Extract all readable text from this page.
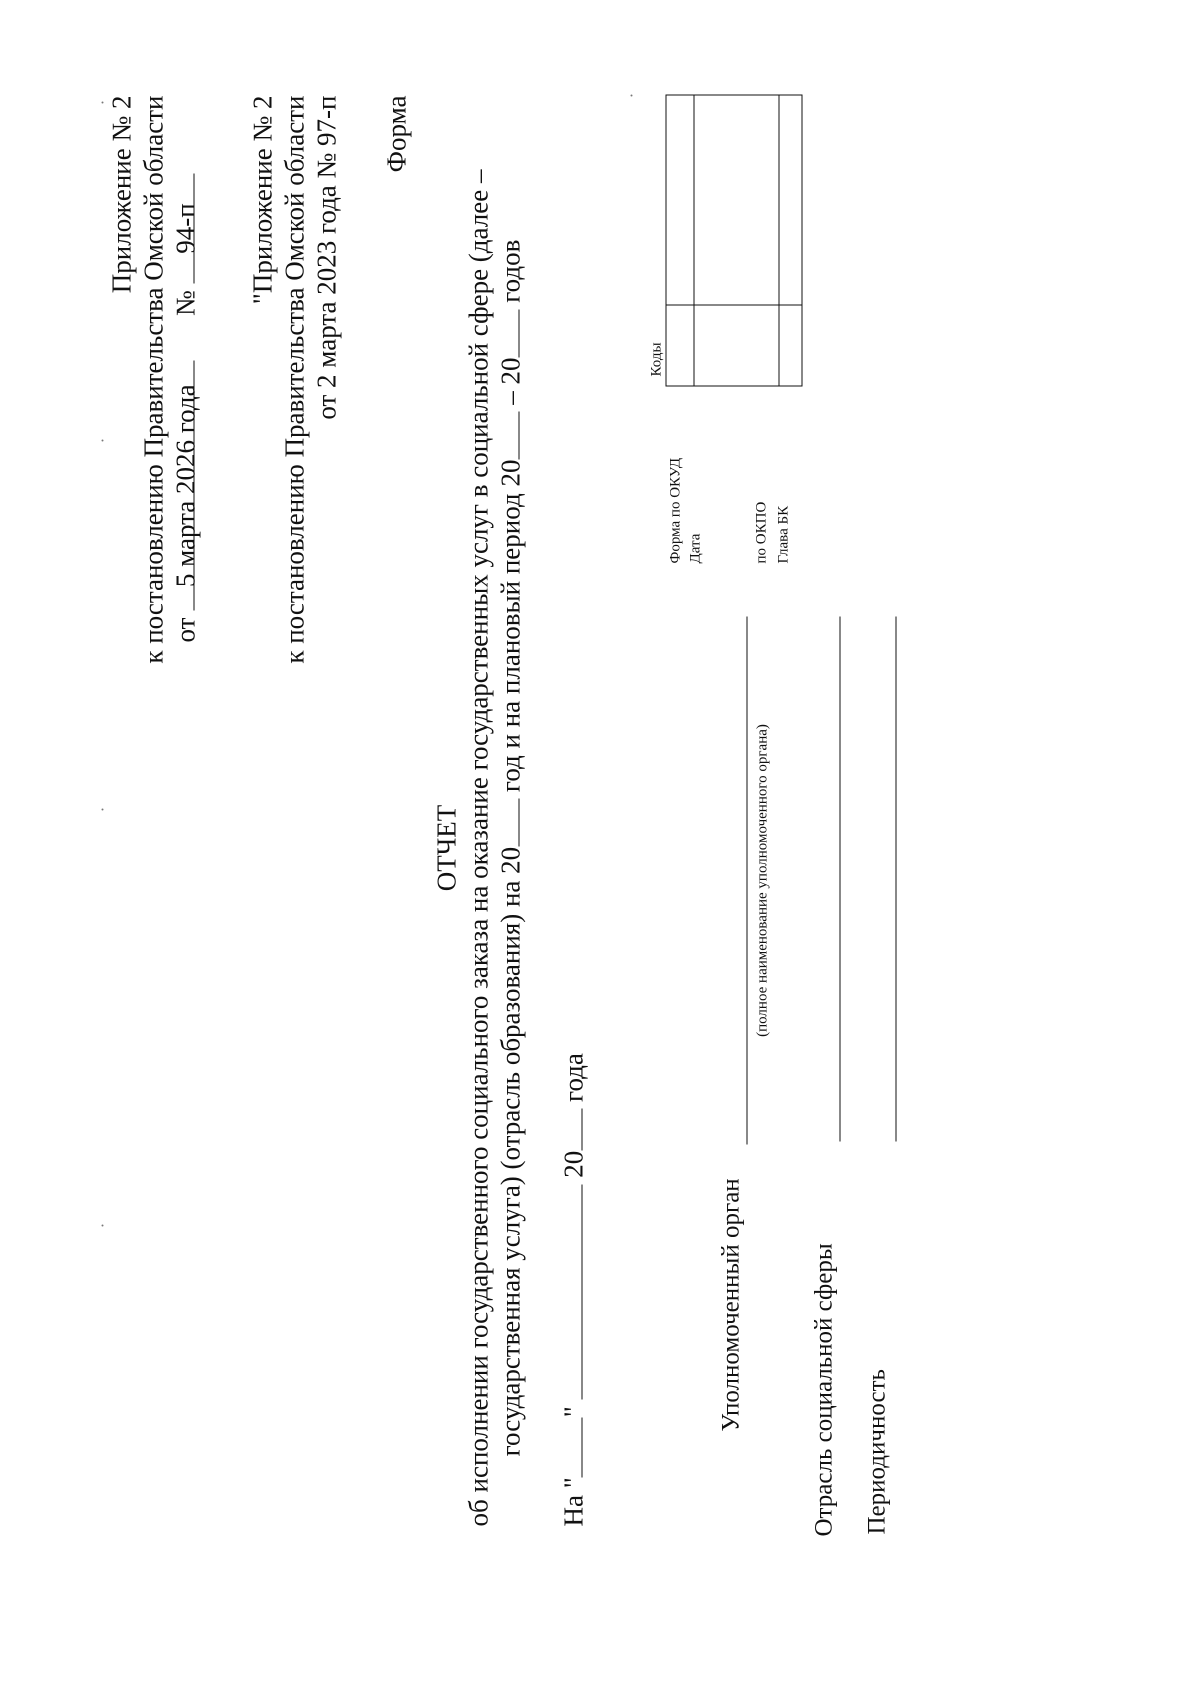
Приложение № 2 к постановлению Правительства Омской области от 5 марта 2026 года № 94-п "Приложение № 2 к постановлению Правительства Омской области от 2 марта 2023 года № 97-п Форма
ОТЧЕТ об исполнении государственного социального заказа на оказание государственных услуг в социальной сфере (далее – государственная услуга) (отрасль образования) на 20 год и на плановый период 20 – 20 годов
На ""  20 года
Коды
Форма по ОКУД Дата	по ОКПО Глава БК
Уполномоченный орган
(полное наименование уполномоченного органа)
Отрасль социальной сферы Периодичность
